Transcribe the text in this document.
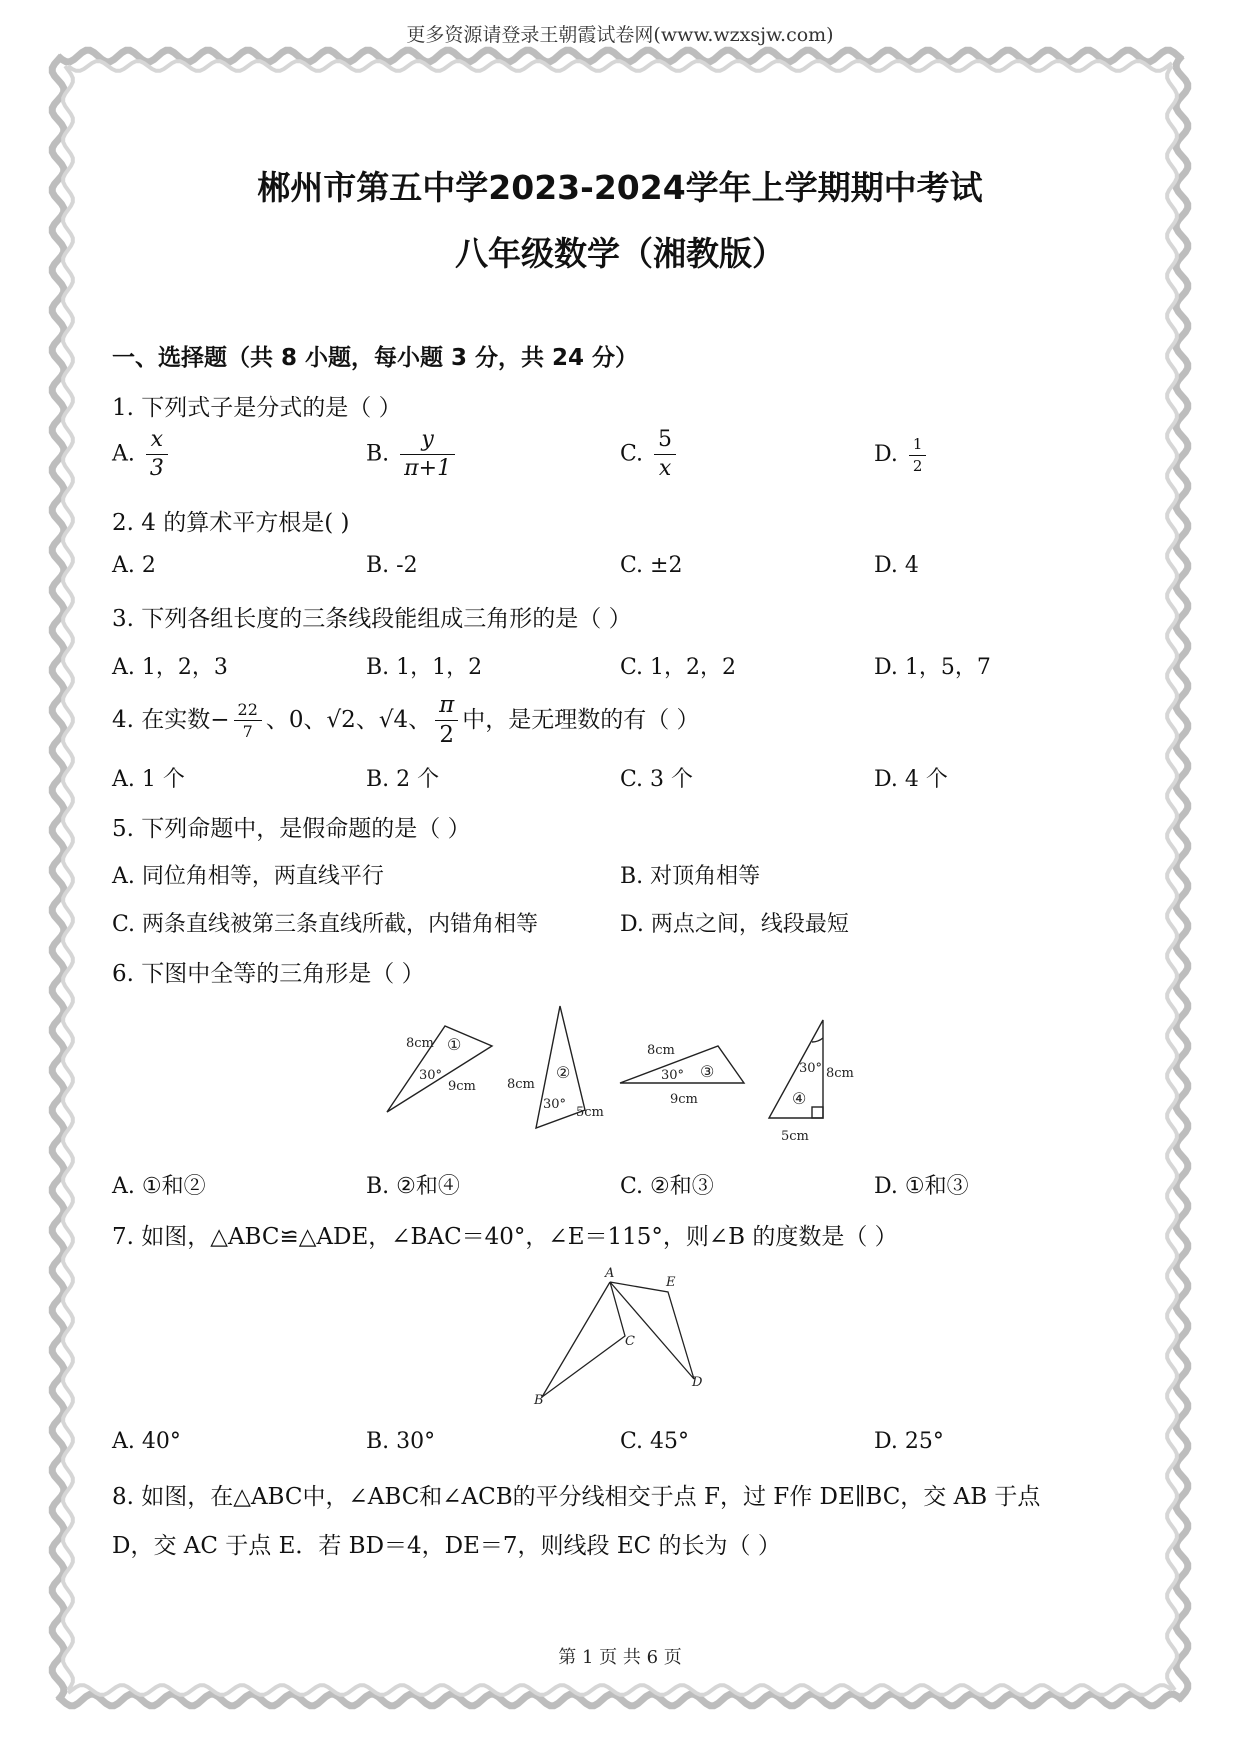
更多资源请登录王朝霞试卷网(www.wzxsjw.com)
郴州市第五中学2023-2024学年上学期期中考试
八年级数学（湘教版）
一、选择题（共 8 小题，每小题 3 分，共 24 分）
1. 下列式子是分式的是（ ）
A. $\frac{x}{3}$	B. $\frac{y}{\pi+1}$	C. $\frac{5}{x}$	D. $\frac{1}{2}$
2. 4 的算术平方根是( )
A. 2	B. -2	C. ±2	D. 4
3. 下列各组长度的三条线段能组成三角形的是（ ）
A. 1，2，3	B. 1，1，2	C. 1，2，2	D. 1，5，7
4. 在实数− $\frac{22}{7}$ 、0、√2、√4、 $\frac{\pi}{2}$ 中，是无理数的有（ ）
A. 1 个	B. 2 个	C. 3 个	D. 4 个
5. 下列命题中，是假命题的是（ ）
A. 同位角相等，两直线平行	B. 对顶角相等
C. 两条直线被第三条直线所截，内错角相等	D. 两点之间，线段最短
6. 下图中全等的三角形是（ ）
8cm ①
30°
9cm 8cm
②
30°
5cm
8cm
30° ③
9cm
30° 8cm
④
5cm
A. ①和②	B. ②和④	C. ②和③	D. ①和③
7. 如图，△ABC≌△ADE，∠BAC＝40°，∠E＝115°，则∠B 的度数是（ ）
A
B
C
D
E
A. 40°	B. 30°	C. 45°	D. 25°
8. 如图，在△ABC中，∠ABC和∠ACB的平分线相交于点 F，过 F作 DE∥BC，交 AB 于点
D，交 AC 于点 E．若 BD＝4，DE＝7，则线段 EC 的长为（ ）
第 1 页 共 6 页
